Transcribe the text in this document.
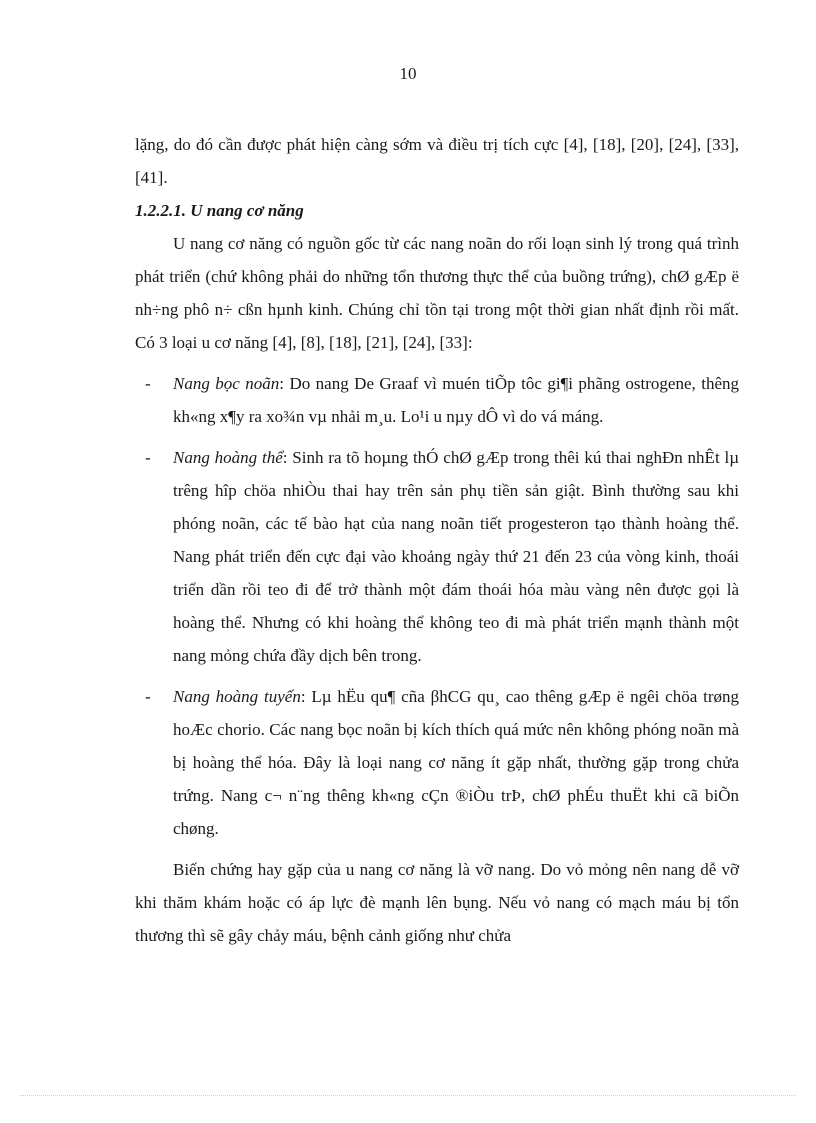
10

lặng, do đó cần được phát hiện càng sớm và điều trị tích cực [4], [18], [20], [24], [33], [41].

1.2.2.1. U nang cơ năng

U nang cơ năng có nguồn gốc từ các nang noãn do rối loạn sinh lý trong quá trình phát triển (chứ không phải do những tổn thương thực thể của buồng trứng), chØ gÆp ë nh÷ng phô n÷ cßn hµnh kinh. Chúng chỉ tồn tại trong một thời gian nhất định rồi mất. Có 3 loại u cơ năng [4], [8], [18], [21], [24], [33]:

- Nang bọc noãn: Do nang De Graaf vì muén tiÕp tôc gi¶i phãng ostrogene, thêng kh«ng x¶y ra xo¾n vµ nhải m¸u. Lo¹i u nµy dÔ vì do vá máng.

- Nang hoàng thể: Sinh ra tõ hoµng thÓ chØ gÆp trong thêi kú thai nghÐn nhÊt lµ trêng hîp chöa nhiÒu thai hay trên sản phụ tiền sản giật. Bình thường sau khi phóng noãn, các tế bào hạt của nang noãn tiết progesteron tạo thành hoàng thể. Nang phát triển đến cực đại vào khoảng ngày thứ 21 đến 23 của vòng kinh, thoái triển dần rồi teo đi để trở thành một đám thoái hóa màu vàng nên được gọi là hoàng thể. Nhưng có khi hoàng thể không teo đi mà phát triển mạnh thành một nang mỏng chứa đầy dịch bên trong.

- Nang hoàng tuyến: Lµ hËu qu¶ cña βhCG qu¸ cao thêng gÆp ë ngêi chöa trøng hoÆc chorio. Các nang bọc noãn bị kích thích quá mức nên không phóng noãn mà bị hoàng thể hóa. Đây là loại nang cơ năng ít gặp nhất, thường gặp trong chửa trứng. Nang c¬ n¨ng thêng kh«ng cÇn ®iÒu trÞ, chØ phÉu thuËt khi cã biÕn chøng.

Biến chứng hay gặp của u nang cơ năng là vỡ nang. Do vỏ mỏng nên nang dễ vỡ khi thăm khám hoặc có áp lực đè mạnh lên bụng. Nếu vỏ nang có mạch máu bị tổn thương thì sẽ gây chảy máu, bệnh cảnh giống như chửa
